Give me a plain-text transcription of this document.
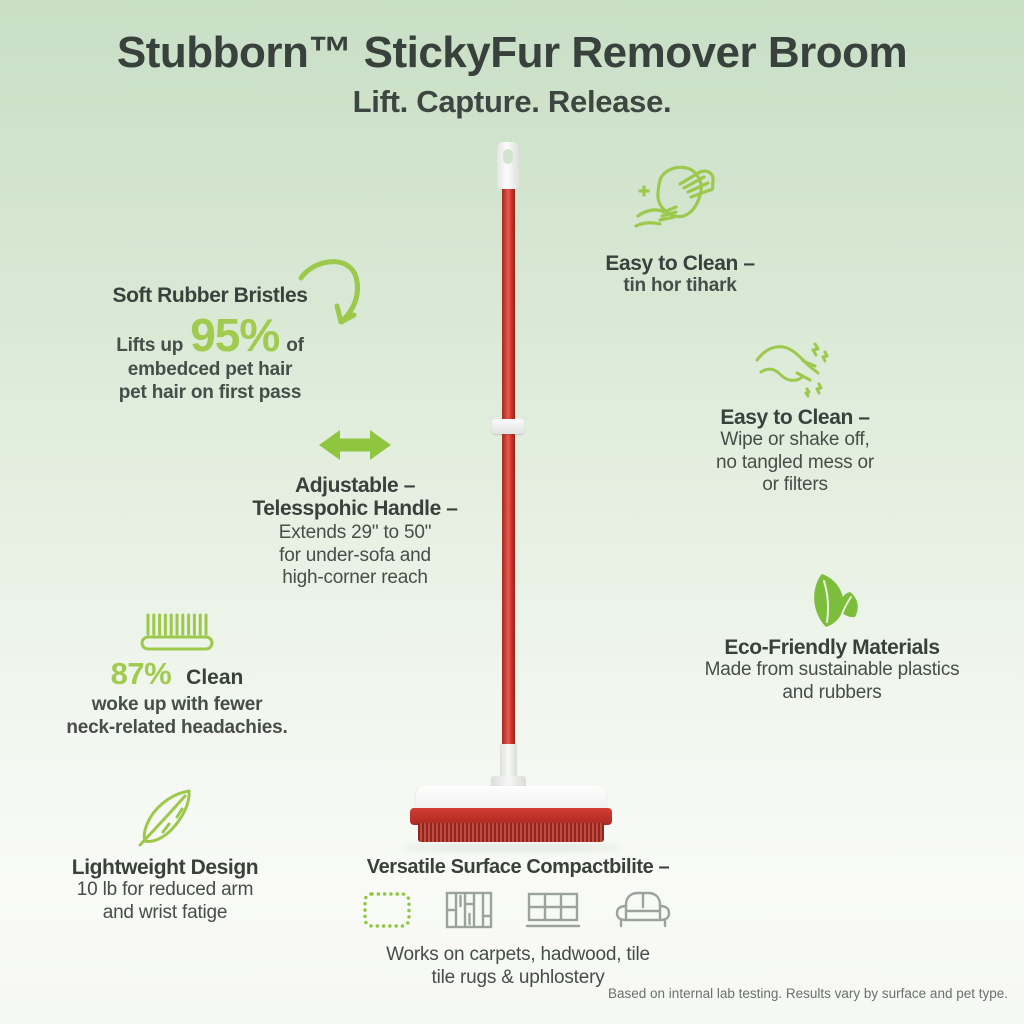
Stubborn™ StickyFur Remover Broom
Lift. Capture. Release.
Soft Rubber Bristles
Lifts up 95% of
embedced pet hair
pet hair on first pass
Easy to Clean –
tin hor tihark
Adjustable –
Telesspohic Handle –
Extends 29" to 50"
for under-sofa and
high-corner reach
Easy to Clean –
Wipe or shake off,
no tangled mess or
or filters
87% Clean
woke up with fewer
neck-related headachies.
Eco-Friendly Materials
Made from sustainable plastics
and rubbers
Lightweight Design
10 lb for reduced arm
and wrist fatige
Versatile Surface Compactbilite –
Works on carpets, hadwood, tile
tile rugs & uphlostery
Based on internal lab testing. Results vary by surface and pet type.
